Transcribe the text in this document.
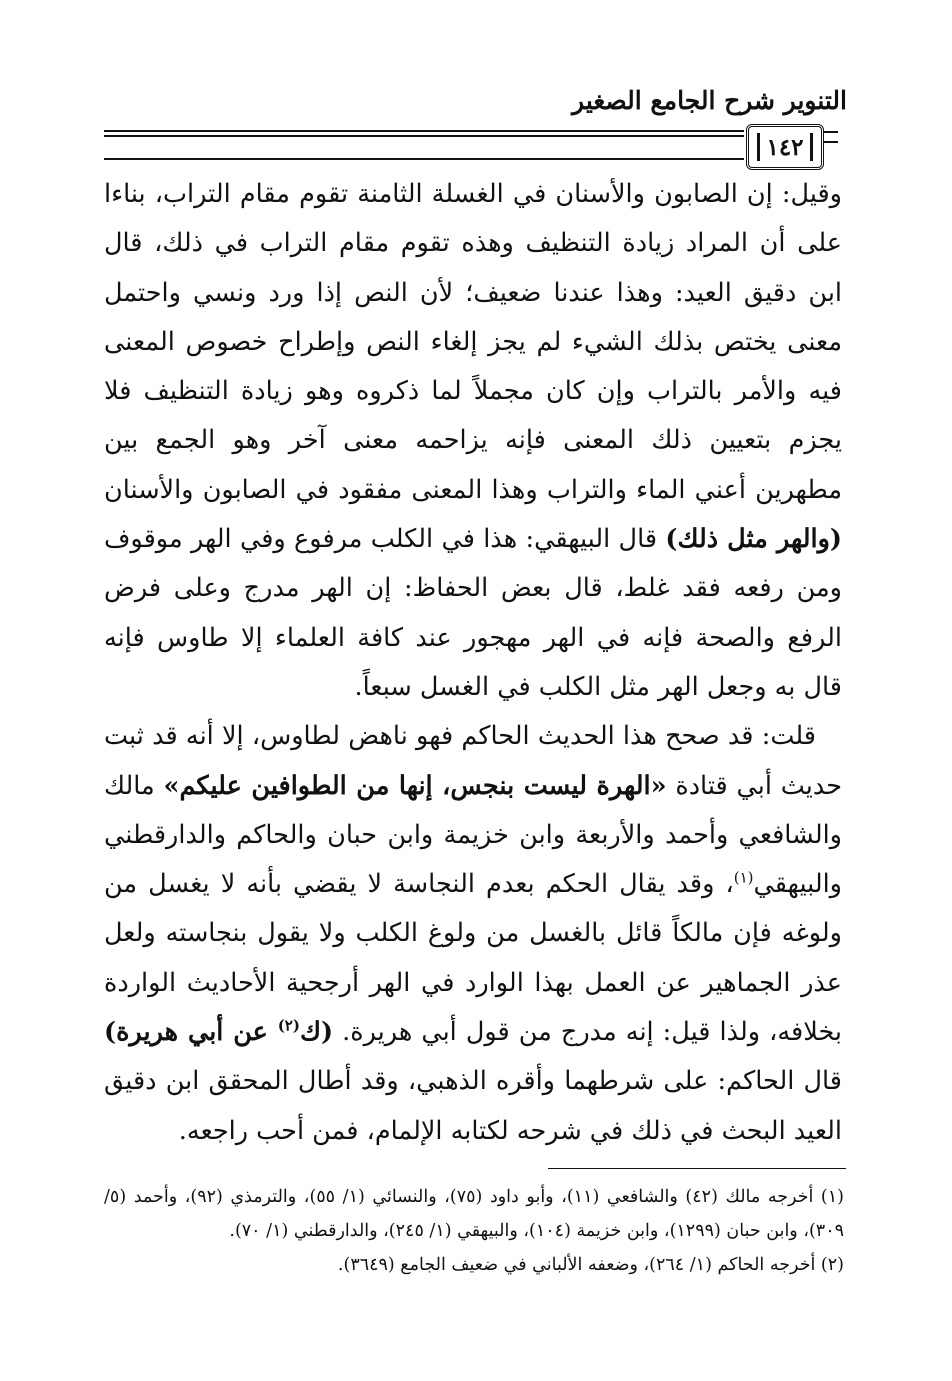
التنوير شرح الجامع الصغير
١٤٢

وقيل: إن الصابون والأسنان في الغسلة الثامنة تقوم مقام التراب، بناءا على أن المراد زيادة التنظيف وهذه تقوم مقام التراب في ذلك، قال ابن دقيق العيد: وهذا عندنا ضعيف؛ لأن النص إذا ورد ونسي واحتمل معنى يختص بذلك الشيء لم يجز إلغاء النص وإطراح خصوص المعنى فيه والأمر بالتراب وإن كان مجملاً لما ذكروه وهو زيادة التنظيف فلا يجزم بتعيين ذلك المعنى فإنه يزاحمه معنى آخر وهو الجمع بين مطهرين أعني الماء والتراب وهذا المعنى مفقود في الصابون والأسنان (والهر مثل ذلك) قال البيهقي: هذا في الكلب مرفوع وفي الهر موقوف ومن رفعه فقد غلط، قال بعض الحفاظ: إن الهر مدرج وعلى فرض الرفع والصحة فإنه في الهر مهجور عند كافة العلماء إلا طاوس فإنه قال به وجعل الهر مثل الكلب في الغسل سبعاً.

قلت: قد صحح هذا الحديث الحاكم فهو ناهض لطاوس، إلا أنه قد ثبت حديث أبي قتادة «الهرة ليست بنجس، إنها من الطوافين عليكم» مالك والشافعي وأحمد والأربعة وابن خزيمة وابن حبان والحاكم والدارقطني والبيهقي$^{(١)}$، وقد يقال الحكم بعدم النجاسة لا يقضي بأنه لا يغسل من ولوغه فإن مالكاً قائل بالغسل من ولوغ الكلب ولا يقول بنجاسته ولعل عذر الجماهير عن العمل بهذا الوارد في الهر أرجحية الأحاديث الواردة بخلافه، ولذا قيل: إنه مدرج من قول أبي هريرة. (ك$^{(٢)}$ عن أبي هريرة) قال الحاكم: على شرطهما وأقره الذهبي، وقد أطال المحقق ابن دقيق العيد البحث في ذلك في شرحه لكتابه الإلمام، فمن أحب راجعه.

(١) أخرجه مالك (٤٢) والشافعي (١١)، وأبو داود (٧٥)، والنسائي (١/ ٥٥)، والترمذي (٩٢)، وأحمد (٥/ ٣٠٩)، وابن حبان (١٢٩٩)، وابن خزيمة (١٠٤)، والبيهقي (١/ ٢٤٥)، والدارقطني (١/ ٧٠).

(٢) أخرجه الحاكم (١/ ٢٦٤)، وضعفه الألباني في ضعيف الجامع (٣٦٤٩).
